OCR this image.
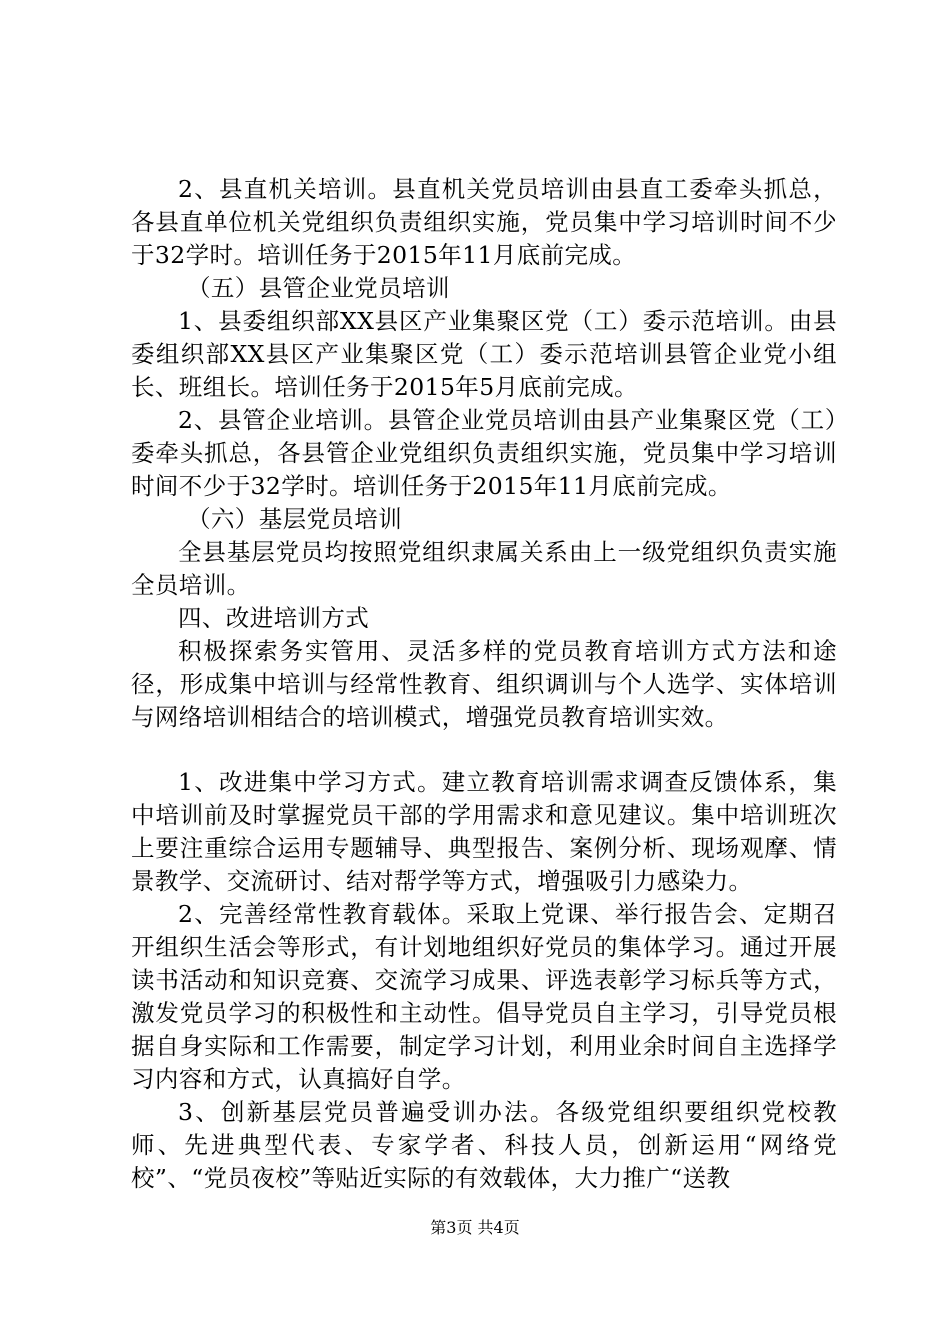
2、县直机关培训。县直机关党员培训由县直工委牵头抓总，各县直单位机关党组织负责组织实施，党员集中学习培训时间不少于32学时。培训任务于2015年11月底前完成。

（五）县管企业党员培训

1、县委组织部XX县区产业集聚区党（工）委示范培训。由县委组织部XX县区产业集聚区党（工）委示范培训县管企业党小组长、班组长。培训任务于2015年5月底前完成。

2、县管企业培训。县管企业党员培训由县产业集聚区党（工）委牵头抓总，各县管企业党组织负责组织实施，党员集中学习培训时间不少于32学时。培训任务于2015年11月底前完成。

（六）基层党员培训

全县基层党员均按照党组织隶属关系由上一级党组织负责实施全员培训。

四、改进培训方式

积极探索务实管用、灵活多样的党员教育培训方式方法和途径，形成集中培训与经常性教育、组织调训与个人选学、实体培训与网络培训相结合的培训模式，增强党员教育培训实效。

1、改进集中学习方式。建立教育培训需求调查反馈体系，集中培训前及时掌握党员干部的学用需求和意见建议。集中培训班次上要注重综合运用专题辅导、典型报告、案例分析、现场观摩、情景教学、交流研讨、结对帮学等方式，增强吸引力感染力。

2、完善经常性教育载体。采取上党课、举行报告会、定期召开组织生活会等形式，有计划地组织好党员的集体学习。通过开展读书活动和知识竞赛、交流学习成果、评选表彰学习标兵等方式，激发党员学习的积极性和主动性。倡导党员自主学习，引导党员根据自身实际和工作需要，制定学习计划，利用业余时间自主选择学习内容和方式，认真搞好自学。

3、创新基层党员普遍受训办法。各级党组织要组织党校教师、先进典型代表、专家学者、科技人员，创新运用“网络党校”、“党员夜校”等贴近实际的有效载体，大力推广“送教

第3页 共4页
